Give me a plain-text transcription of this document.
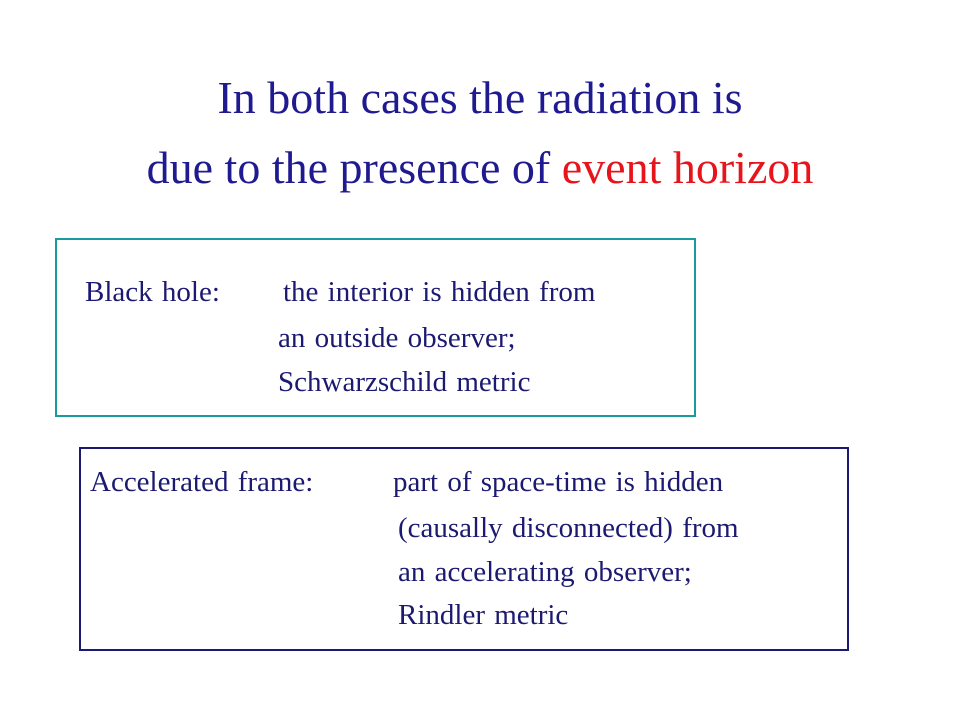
In both cases the radiation is
due to the presence of event horizon
Black hole: the interior is hidden from
an outside observer;
Schwarzschild metric
Accelerated frame:	part of space-time is hidden
(causally disconnected) from
an accelerating observer;
Rindler metric
